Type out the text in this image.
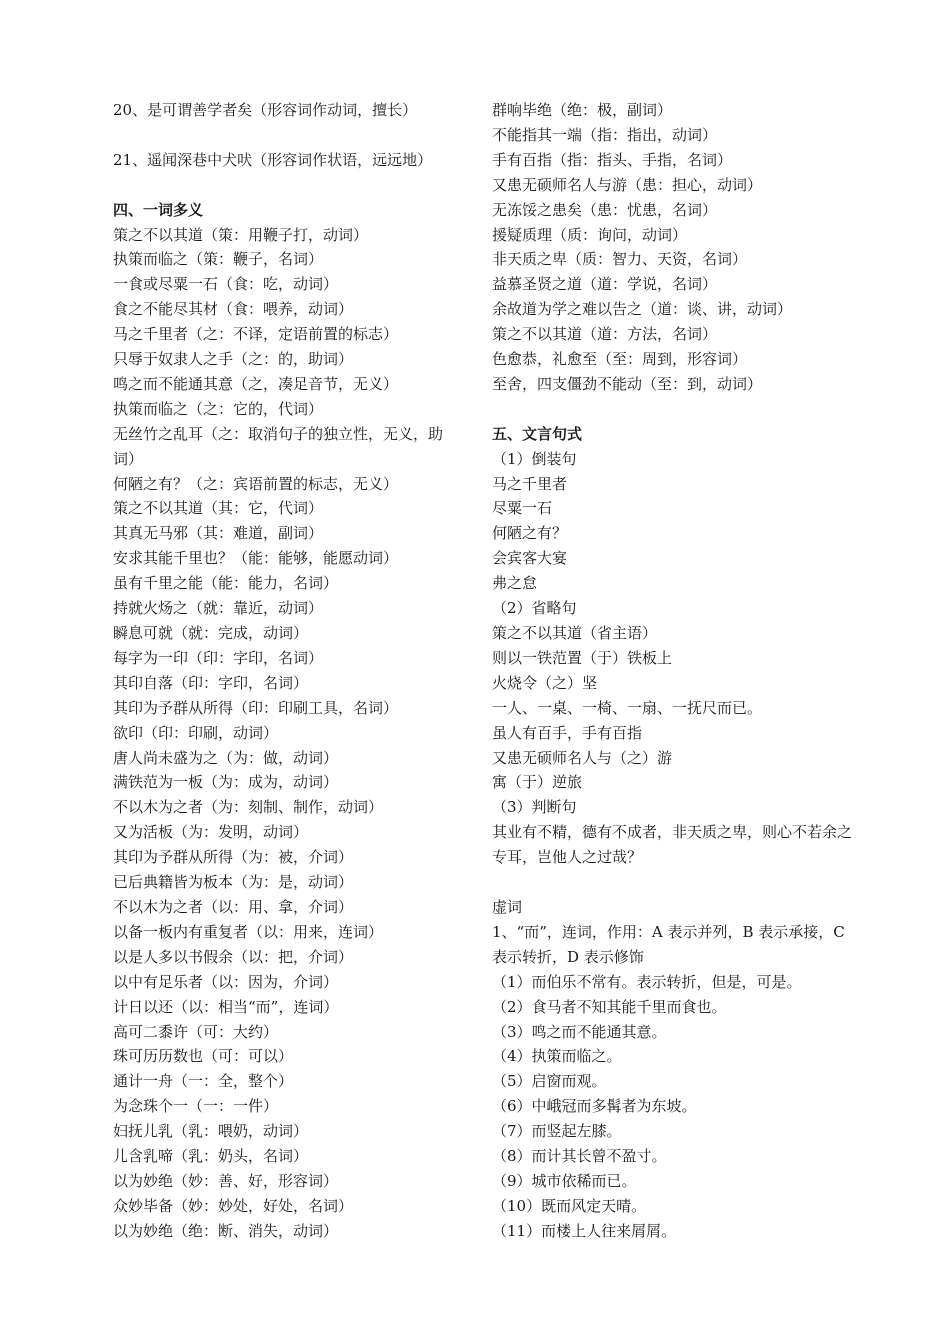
20、是可谓善学者矣（形容词作动词，擅长）
21、遥闻深巷中犬吠（形容词作状语，远远地）
四、一词多义
策之不以其道（策：用鞭子打，动词）
执策而临之（策：鞭子，名词）
一食或尽粟一石（食：吃，动词）
食之不能尽其材（食：喂养，动词）
马之千里者（之：不译，定语前置的标志）
只辱于奴隶人之手（之：的，助词）
鸣之而不能通其意（之，凑足音节，无义）
执策而临之（之：它的，代词）
无丝竹之乱耳（之：取消句子的独立性，无义，助词）
何陋之有？（之：宾语前置的标志，无义）
策之不以其道（其：它，代词）
其真无马邪（其：难道，副词）
安求其能千里也？（能：能够，能愿动词）
虽有千里之能（能：能力，名词）
持就火炀之（就：靠近，动词）
瞬息可就（就：完成，动词）
每字为一印（印：字印，名词）
其印自落（印：字印，名词）
其印为予群从所得（印：印刷工具，名词）
欲印（印：印刷，动词）
唐人尚未盛为之（为：做，动词）
满铁范为一板（为：成为，动词）
不以木为之者（为：刻制、制作，动词）
又为活板（为：发明，动词）
其印为予群从所得（为：被，介词）
已后典籍皆为板本（为：是，动词）
不以木为之者（以：用、拿，介词）
以备一板内有重复者（以：用来，连词）
以是人多以书假余（以：把，介词）
以中有足乐者（以：因为，介词）
计日以还（以：相当“而”，连词）
高可二黍许（可：大约）
珠可历历数也（可：可以）
通计一舟（一：全，整个）
为念珠个一（一：一件）
妇抚儿乳（乳：喂奶，动词）
儿含乳啼（乳：奶头，名词）
以为妙绝（妙：善、好，形容词）
众妙毕备（妙：妙处，好处，名词）
以为妙绝（绝：断、消失，动词）
群响毕绝（绝：极，副词）
不能指其一端（指：指出，动词）
手有百指（指：指头、手指，名词）
又患无硕师名人与游（患：担心，动词）
无冻馁之患矣（患：忧患，名词）
援疑质理（质：询问，动词）
非天质之卑（质：智力、天资，名词）
益慕圣贤之道（道：学说，名词）
余故道为学之难以告之（道：谈、讲，动词）
策之不以其道（道：方法，名词）
色愈恭，礼愈至（至：周到，形容词）
至舍，四支僵劲不能动（至：到，动词）
五、文言句式
（1）倒装句
马之千里者
尽粟一石
何陋之有？
会宾客大宴
弗之怠
（2）省略句
策之不以其道（省主语）
则以一铁范置（于）铁板上
火烧令（之）坚
一人、一桌、一椅、一扇、一抚尺而已。
虽人有百手，手有百指
又患无硕师名人与（之）游
寓（于）逆旅
（3）判断句
其业有不精，德有不成者，非天质之卑，则心不若余之专耳，岂他人之过哉？
虚词
1、“而”，连词，作用：A 表示并列，B 表示承接，C 表示转折，D 表示修饰
（1）而伯乐不常有。表示转折，但是，可是。
（2）食马者不知其能千里而食也。
（3）鸣之而不能通其意。
（4）执策而临之。
（5）启窗而观。
（6）中峨冠而多髯者为东坡。
（7）而竖起左膝。
（8）而计其长曾不盈寸。
（9）城市依稀而已。
（10）既而风定天晴。
（11）而楼上人往来屑屑。
